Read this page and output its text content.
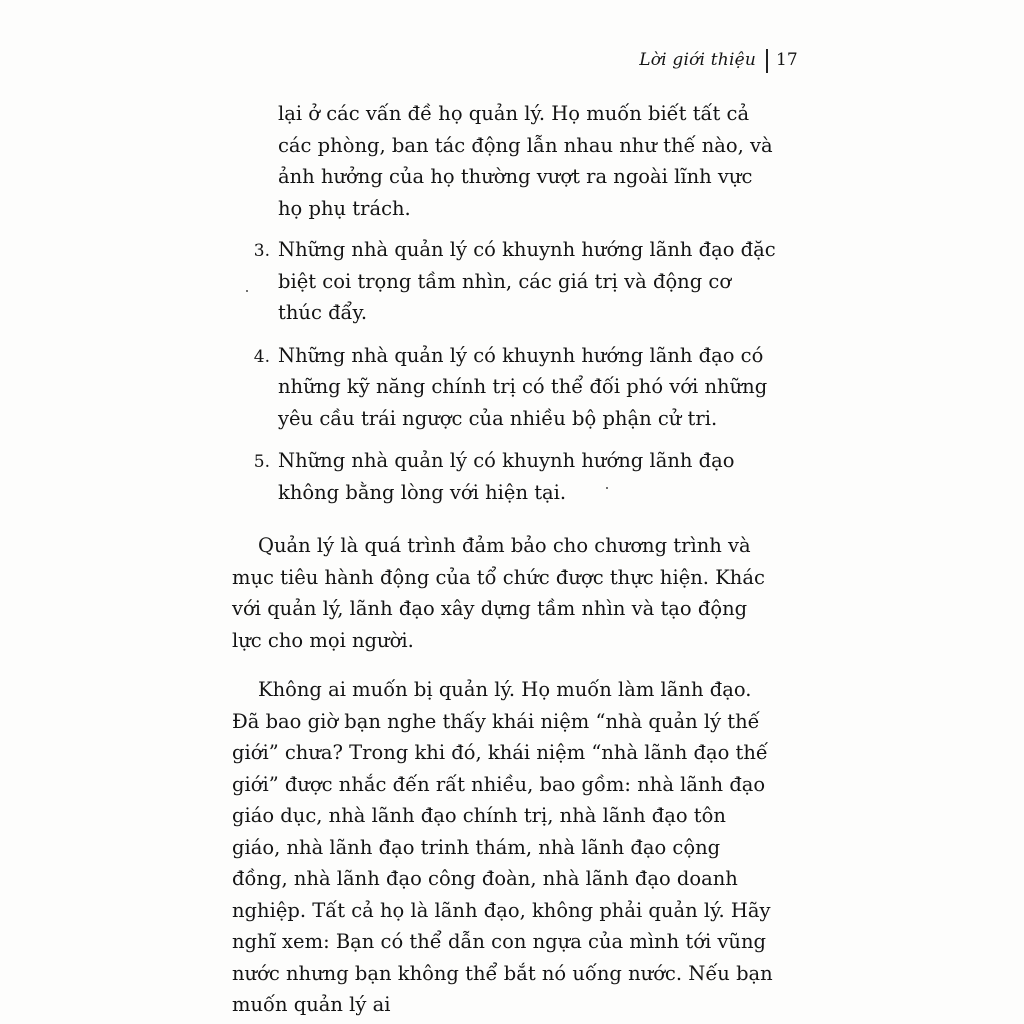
Lời giới thiệu 17

lại ở các vấn đề họ quản lý. Họ muốn biết tất cả các phòng, ban tác động lẫn nhau như thế nào, và ảnh hưởng của họ thường vượt ra ngoài lĩnh vực họ phụ trách.

3. Những nhà quản lý có khuynh hướng lãnh đạo đặc biệt coi trọng tầm nhìn, các giá trị và động cơ thúc đẩy.
4. Những nhà quản lý có khuynh hướng lãnh đạo có những kỹ năng chính trị có thể đối phó với những yêu cầu trái ngược của nhiều bộ phận cử tri.
5. Những nhà quản lý có khuynh hướng lãnh đạo không bằng lòng với hiện tại.

Quản lý là quá trình đảm bảo cho chương trình và mục tiêu hành động của tổ chức được thực hiện. Khác với quản lý, lãnh đạo xây dựng tầm nhìn và tạo động lực cho mọi người.

Không ai muốn bị quản lý. Họ muốn làm lãnh đạo. Đã bao giờ bạn nghe thấy khái niệm “nhà quản lý thế giới” chưa? Trong khi đó, khái niệm “nhà lãnh đạo thế giới” được nhắc đến rất nhiều, bao gồm: nhà lãnh đạo giáo dục, nhà lãnh đạo chính trị, nhà lãnh đạo tôn giáo, nhà lãnh đạo trinh thám, nhà lãnh đạo cộng đồng, nhà lãnh đạo công đoàn, nhà lãnh đạo doanh nghiệp. Tất cả họ là lãnh đạo, không phải quản lý. Hãy nghĩ xem: Bạn có thể dẫn con ngựa của mình tới vũng nước nhưng bạn không thể bắt nó uống nước. Nếu bạn muốn quản lý ai
